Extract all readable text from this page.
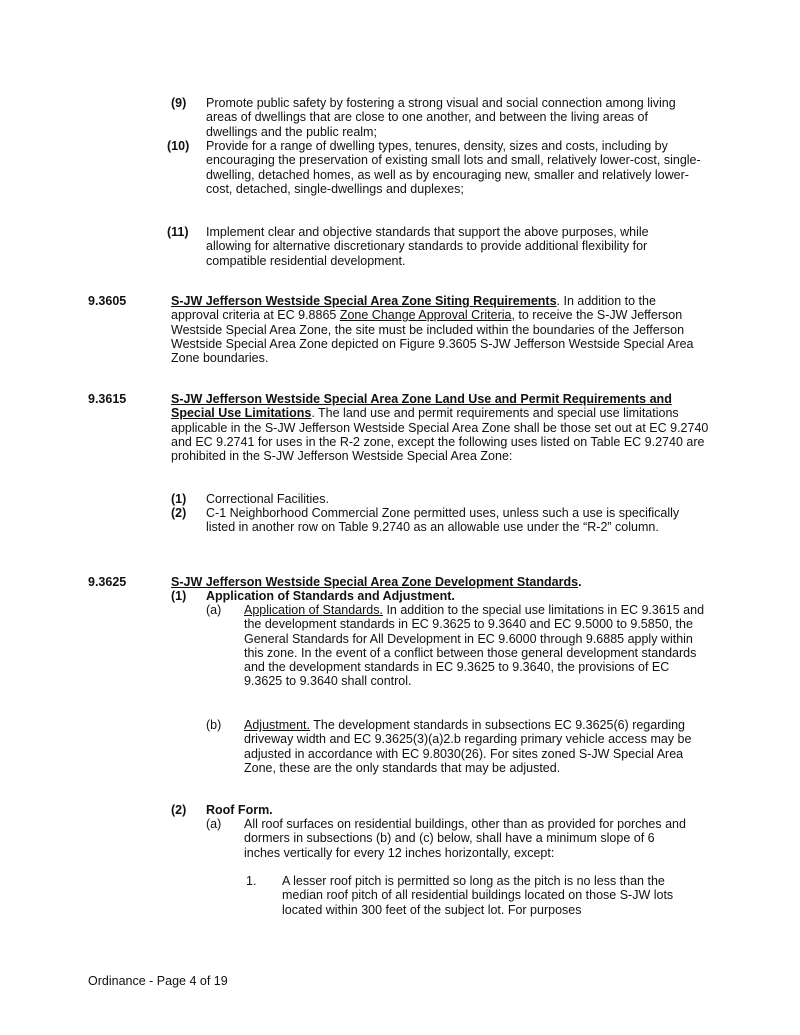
(9) Promote public safety by fostering a strong visual and social connection among living areas of dwellings that are close to one another, and between the living areas of dwellings and the public realm;
(10) Provide for a range of dwelling types, tenures, density, sizes and costs, including by encouraging the preservation of existing small lots and small, relatively lower-cost, single-dwelling, detached homes, as well as by encouraging new, smaller and relatively lower-cost, detached, single-dwellings and duplexes;
(11) Implement clear and objective standards that support the above purposes, while allowing for alternative discretionary standards to provide additional flexibility for compatible residential development.
9.3605	S-JW Jefferson Westside Special Area Zone Siting Requirements. In addition to the approval criteria at EC 9.8865 Zone Change Approval Criteria, to receive the S-JW Jefferson Westside Special Area Zone, the site must be included within the boundaries of the Jefferson Westside Special Area Zone depicted on Figure 9.3605 S-JW Jefferson Westside Special Area Zone boundaries.
9.3615	S-JW Jefferson Westside Special Area Zone Land Use and Permit Requirements and Special Use Limitations. The land use and permit requirements and special use limitations applicable in the S-JW Jefferson Westside Special Area Zone shall be those set out at EC 9.2740 and EC 9.2741 for uses in the R-2 zone, except the following uses listed on Table EC 9.2740 are prohibited in the S-JW Jefferson Westside Special Area Zone:
(1) Correctional Facilities.
(2) C-1 Neighborhood Commercial Zone permitted uses, unless such a use is specifically listed in another row on Table 9.2740 as an allowable use under the “R-2” column.
9.3625	S-JW Jefferson Westside Special Area Zone Development Standards.
(1) Application of Standards and Adjustment.
(a) Application of Standards. In addition to the special use limitations in EC 9.3615 and the development standards in EC 9.3625 to 9.3640 and EC 9.5000 to 9.5850, the General Standards for All Development in EC 9.6000 through 9.6885 apply within this zone. In the event of a conflict between those general development standards and the development standards in EC 9.3625 to 9.3640, the provisions of EC 9.3625 to 9.3640 shall control.
(b) Adjustment. The development standards in subsections EC 9.3625(6) regarding driveway width and EC 9.3625(3)(a)2.b regarding primary vehicle access may be adjusted in accordance with EC 9.8030(26). For sites zoned S-JW Special Area Zone, these are the only standards that may be adjusted.
(2) Roof Form.
(a) All roof surfaces on residential buildings, other than as provided for porches and dormers in subsections (b) and (c) below, shall have a minimum slope of 6 inches vertically for every 12 inches horizontally, except:
1. A lesser roof pitch is permitted so long as the pitch is no less than the median roof pitch of all residential buildings located on those S-JW lots located within 300 feet of the subject lot. For purposes
Ordinance - Page 4 of 19
